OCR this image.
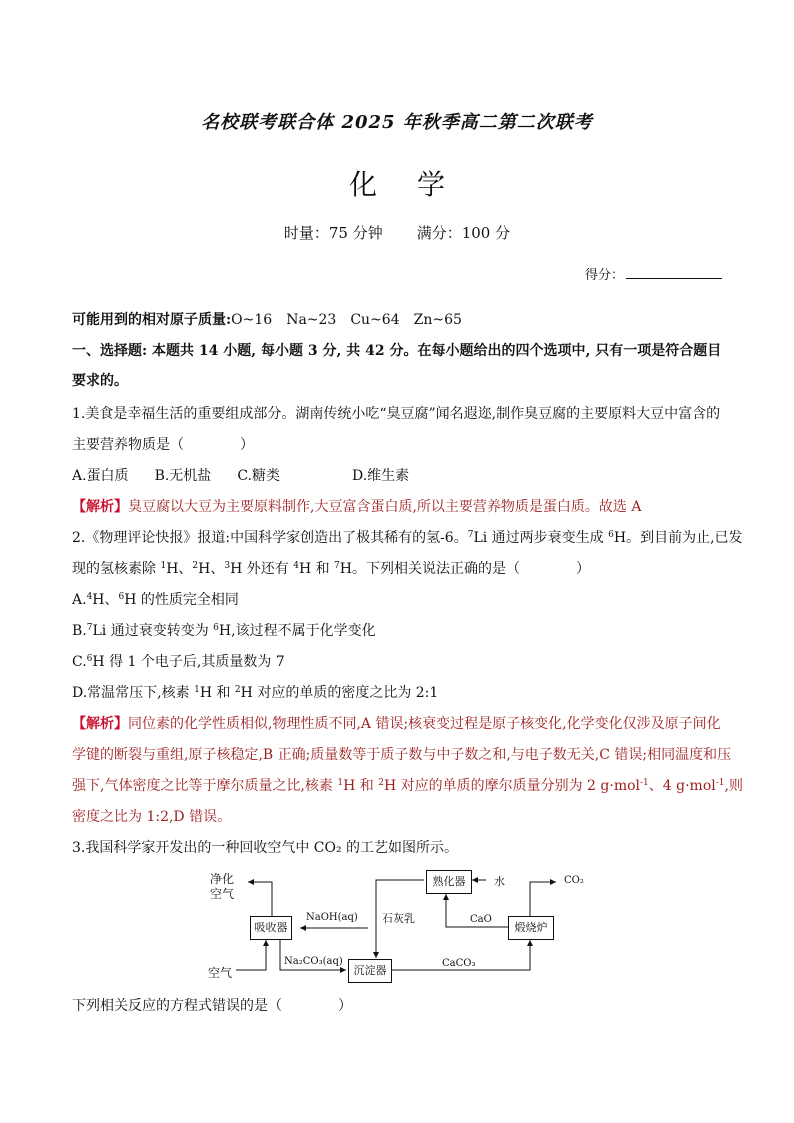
名校联考联合体 2025 年秋季高二第二次联考
化学
时量：75 分钟 满分：100 分
得分：
可能用到的相对原子质量:O~16　Na~23　Cu~64　Zn~65
一、选择题: 本题共 14 小题, 每小题 3 分, 共 42 分。在每小题给出的四个选项中, 只有一项是符合题目
要求的。
1.美食是幸福生活的重要组成部分。湖南传统小吃“臭豆腐”闻名遐迩,制作臭豆腐的主要原料大豆中富含的
主要营养物质是（　　　　）
A.蛋白质 B.无机盐 C.糖类	D.维生素
【解析】臭豆腐以大豆为主要原料制作,大豆富含蛋白质,所以主要营养物质是蛋白质。故选 A
2.《物理评论快报》报道:中国科学家创造出了极其稀有的氢-6。$^7$Li 通过两步衰变生成 $^6$H。到目前为止,已发
现的氢核素除 $^1$H、$^2$H、$^3$H 外还有 $^4$H 和 $^7$H。下列相关说法正确的是（　　　　）
A.$^4$H、$^6$H 的性质完全相同
B.$^7$Li 通过衰变转变为 $^6$H,该过程不属于化学变化
C.$^6$H 得 1 个电子后,其质量数为 7
D.常温常压下,核素 $^1$H 和 $^2$H 对应的单质的密度之比为 2:1
【解析】同位素的化学性质相似,物理性质不同,A 错误;核衰变过程是原子核变化,化学变化仅涉及原子间化
学键的断裂与重组,原子核稳定,B 正确;质量数等于质子数与中子数之和,与电子数无关,C 错误;相同温度和压
强下,气体密度之比等于摩尔质量之比,核素 $^1$H 和 $^2$H 对应的单质的摩尔质量分别为 2 g·mol$^{-1}$、4 g·mol$^{-1}$,则
密度之比为 1:2,D 错误。
3.我国科学家开发出的一种回收空气中 CO₂ 的工艺如图所示。
净化
空气
吸收器
NaOH(aq) 石灰乳
熟化器	水	CO₂
CaO
煅烧炉
空气
Na₂CO₃(aq)
沉淀器
CaCO₃
下列相关反应的方程式错误的是（　　　　）
